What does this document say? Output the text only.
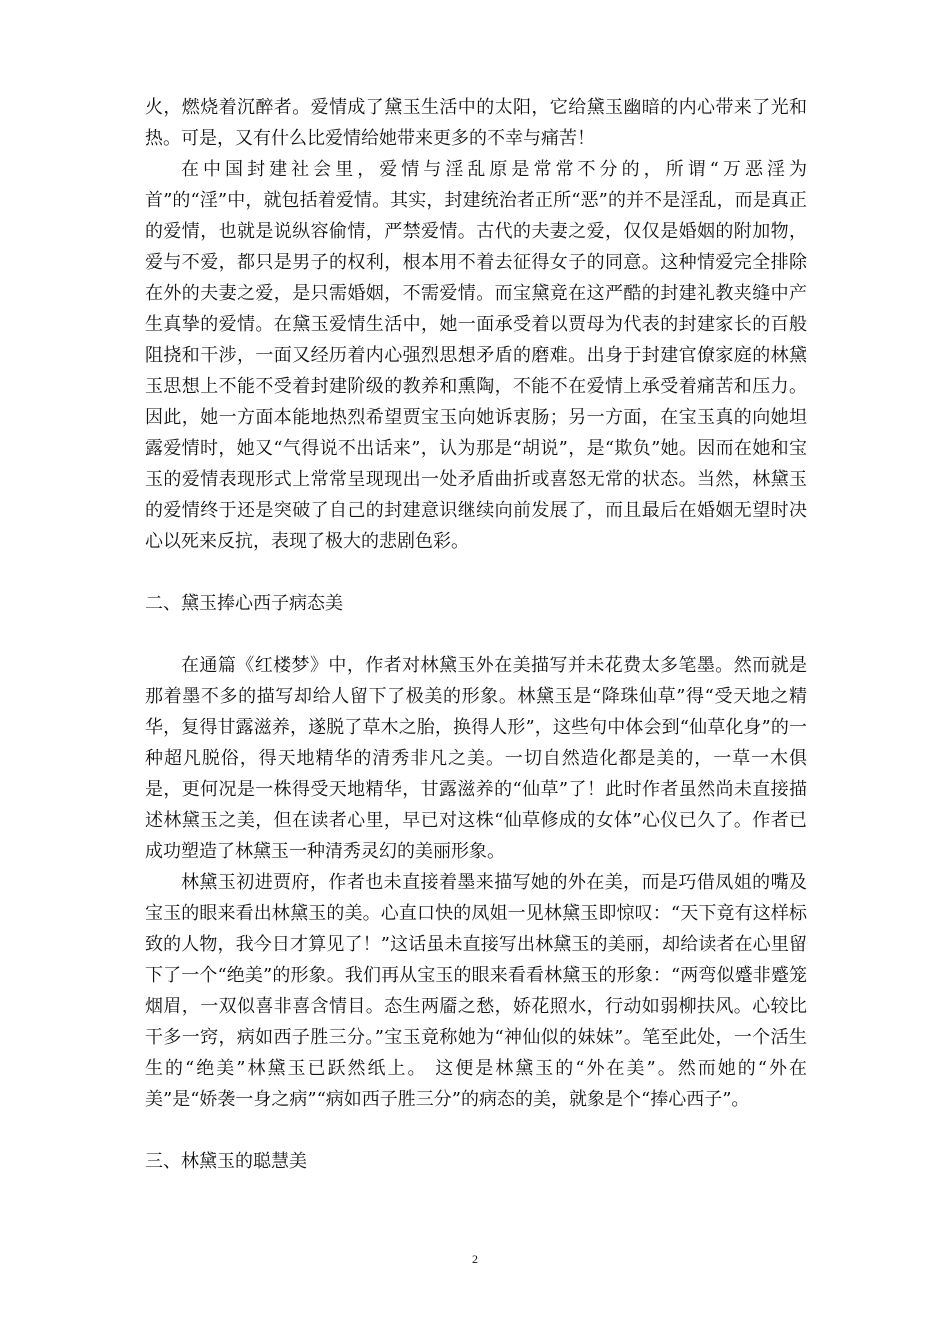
火，燃烧着沉醉者。爱情成了黛玉生活中的太阳，它给黛玉幽暗的内心带来了光和热。可是，又有什么比爱情给她带来更多的不幸与痛苦！

在中国封建社会里，爱情与淫乱原是常常不分的，所谓“万恶淫为首”的“淫”中，就包括着爱情。其实，封建统治者正所“恶”的并不是淫乱，而是真正的爱情，也就是说纵容偷情，严禁爱情。古代的夫妻之爱，仅仅是婚姻的附加物，爱与不爱，都只是男子的权利，根本用不着去征得女子的同意。这种情爱完全排除在外的夫妻之爱，是只需婚姻，不需爱情。而宝黛竟在这严酷的封建礼教夹缝中产生真挚的爱情。在黛玉爱情生活中，她一面承受着以贾母为代表的封建家长的百般阻挠和干涉，一面又经历着内心强烈思想矛盾的磨难。出身于封建官僚家庭的林黛玉思想上不能不受着封建阶级的教养和熏陶，不能不在爱情上承受着痛苦和压力。因此，她一方面本能地热烈希望贾宝玉向她诉衷肠；另一方面，在宝玉真的向她坦露爱情时，她又“气得说不出话来”，认为那是“胡说”，是“欺负”她。因而在她和宝玉的爱情表现形式上常常呈现现出一处矛盾曲折或喜怒无常的状态。当然，林黛玉的爱情终于还是突破了自己的封建意识继续向前发展了，而且最后在婚姻无望时决心以死来反抗，表现了极大的悲剧色彩。

二、黛玉捧心西子病态美

在通篇《红楼梦》中，作者对林黛玉外在美描写并未花费太多笔墨。然而就是那着墨不多的描写却给人留下了极美的形象。林黛玉是“降珠仙草”得“受天地之精华，复得甘露滋养，遂脱了草木之胎，换得人形”，这些句中体会到“仙草化身”的一种超凡脱俗，得天地精华的清秀非凡之美。一切自然造化都是美的，一草一木俱是，更何况是一株得受天地精华，甘露滋养的“仙草”了！此时作者虽然尚未直接描述林黛玉之美，但在读者心里，早已对这株“仙草修成的女体”心仪已久了。作者已成功塑造了林黛玉一种清秀灵幻的美丽形象。

林黛玉初进贾府，作者也未直接着墨来描写她的外在美，而是巧借凤姐的嘴及宝玉的眼来看出林黛玉的美。心直口快的凤姐一见林黛玉即惊叹：“天下竟有这样标致的人物，我今日才算见了！”这话虽未直接写出林黛玉的美丽，却给读者在心里留下了一个“绝美”的形象。我们再从宝玉的眼来看看林黛玉的形象：“两弯似蹙非蹙笼烟眉，一双似喜非喜含情目。态生两靥之愁，娇花照水，行动如弱柳扶风。心较比干多一窍，病如西子胜三分。”宝玉竟称她为“神仙似的妹妹”。笔至此处，一个活生生的“绝美”林黛玉已跃然纸上。 这便是林黛玉的“外在美”。然而她的“外在美”是“娇袭一身之病”“病如西子胜三分”的病态的美，就象是个“捧心西子”。

三、林黛玉的聪慧美

2
